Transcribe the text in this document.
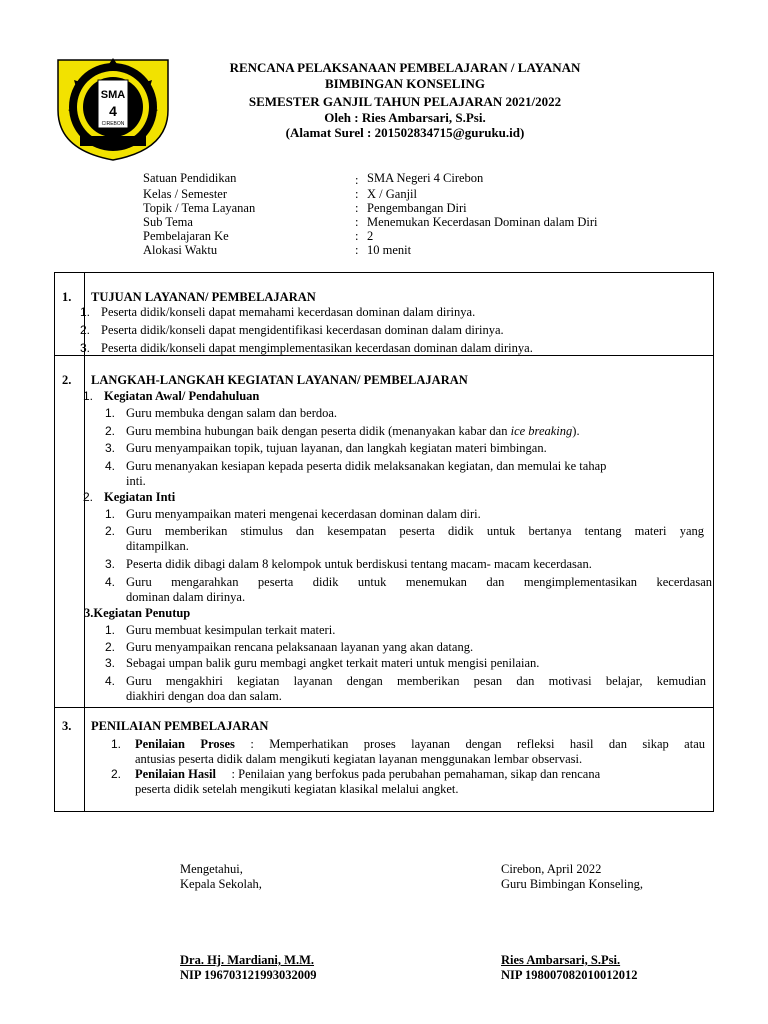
SMA
4
CIREBON
RENCANA PELAKSANAAN PEMBELAJARAN / LAYANAN
BIMBINGAN KONSELING
SEMESTER GANJIL TAHUN PELAJARAN 2021/2022
Oleh : Ries Ambarsari, S.Psi.
(Alamat Surel : 201502834715@guruku.id)
Satuan Pendidikan	: SMA Negeri 4 Cirebon
Kelas / Semester	: X / Ganjil
Topik / Tema Layanan	: Pengembangan Diri
Sub Tema	: Menemukan Kecerdasan Dominan dalam Diri
Pembelajaran Ke	: 2
Alokasi Waktu	: 10 menit
1. TUJUAN LAYANAN/ PEMBELAJARAN
1. Peserta didik/konseli dapat memahami kecerdasan dominan dalam dirinya.
2. Peserta didik/konseli dapat mengidentifikasi kecerdasan dominan dalam dirinya.
3. Peserta didik/konseli dapat mengimplementasikan kecerdasan dominan dalam dirinya.
2. LANGKAH-LANGKAH KEGIATAN LAYANAN/ PEMBELAJARAN
1. Kegiatan Awal/ Pendahuluan
1. Guru membuka dengan salam dan berdoa.
2. Guru membina hubungan baik dengan peserta didik (menanyakan kabar dan ice breaking).
3. Guru menyampaikan topik, tujuan layanan, dan langkah kegiatan materi bimbingan.
4. Guru menanyakan kesiapan kepada peserta didik melaksanakan kegiatan, dan memulai ke tahap
inti.
2. Kegiatan Inti
1. Guru menyampaikan materi mengenai kecerdasan dominan dalam diri.
2. Guru memberikan stimulus dan kesempatan peserta didik untuk bertanya tentang materi yang
ditampilkan.
3. Peserta didik dibagi dalam 8 kelompok untuk berdiskusi tentang macam- macam kecerdasan.
4. Guru mengarahkan peserta didik untuk menemukan dan mengimplementasikan kecerdasan
dominan dalam dirinya.
3.Kegiatan Penutup
1. Guru membuat kesimpulan terkait materi.
2. Guru menyampaikan rencana pelaksanaan layanan yang akan datang.
3. Sebagai umpan balik guru membagi angket terkait materi untuk mengisi penilaian.
4. Guru mengakhiri kegiatan layanan dengan memberikan pesan dan motivasi belajar, kemudian
diakhiri dengan doa dan salam.
3. PENILAIAN PEMBELAJARAN
1. Penilaian Proses : Memperhatikan proses layanan dengan refleksi hasil dan sikap atau
antusias peserta didik dalam mengikuti kegiatan layanan menggunakan lembar observasi.
2. Penilaian Hasil     : Penilaian yang berfokus pada perubahan pemahaman, sikap dan rencana
peserta didik setelah mengikuti kegiatan klasikal melalui angket.
Mengetahui,
Kepala Sekolah,
Dra. Hj. Mardiani, M.M.
NIP 196703121993032009
Cirebon, April 2022
Guru Bimbingan Konseling,
Ries Ambarsari, S.Psi.
NIP 198007082010012012
